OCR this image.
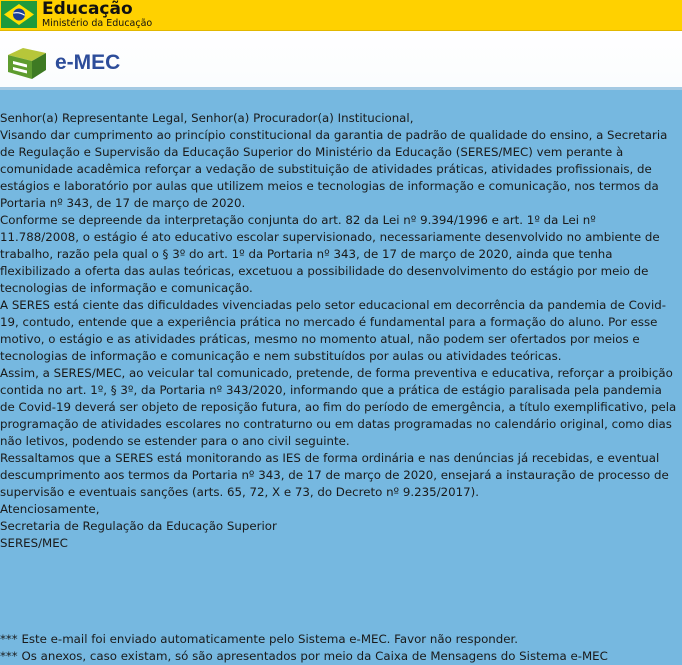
Educação
Ministério da Educação
e-MEC

Senhor(a) Representante Legal, Senhor(a) Procurador(a) Institucional,

Visando dar cumprimento ao princípio constitucional da garantia de padrão de qualidade do ensino, a Secretaria de Regulação e Supervisão da Educação Superior do Ministério da Educação (SERES/MEC) vem perante à comunidade acadêmica reforçar a vedação de substituição de atividades práticas, atividades profissionais, de estágios e laboratório por aulas que utilizem meios e tecnologias de informação e comunicação, nos termos da Portaria nº 343, de 17 de março de 2020.

Conforme se depreende da interpretação conjunta do art. 82 da Lei nº 9.394/1996 e art. 1º da Lei nº 11.788/2008, o estágio é ato educativo escolar supervisionado, necessariamente desenvolvido no ambiente de trabalho, razão pela qual o § 3º do art. 1º da Portaria nº 343, de 17 de março de 2020, ainda que tenha flexibilizado a oferta das aulas teóricas, excetuou a possibilidade do desenvolvimento do estágio por meio de tecnologias de informação e comunicação.

A SERES está ciente das dificuldades vivenciadas pelo setor educacional em decorrência da pandemia de Covid-19, contudo, entende que a experiência prática no mercado é fundamental para a formação do aluno. Por esse motivo, o estágio e as atividades práticas, mesmo no momento atual, não podem ser ofertados por meios e tecnologias de informação e comunicação e nem substituídos por aulas ou atividades teóricas.

Assim, a SERES/MEC, ao veicular tal comunicado, pretende, de forma preventiva e educativa, reforçar a proibição contida no art. 1º, § 3º, da Portaria nº 343/2020, informando que a prática de estágio paralisada pela pandemia de Covid-19 deverá ser objeto de reposição futura, ao fim do período de emergência, a título exemplificativo, pela programação de atividades escolares no contraturno ou em datas programadas no calendário original, como dias não letivos, podendo se estender para o ano civil seguinte.

Ressaltamos que a SERES está monitorando as IES de forma ordinária e nas denúncias já recebidas, e eventual descumprimento aos termos da Portaria nº 343, de 17 de março de 2020, ensejará a instauração de processo de supervisão e eventuais sanções (arts. 65, 72, X e 73, do Decreto nº 9.235/2017).

Atenciosamente,

Secretaria de Regulação da Educação Superior

SERES/MEC

*** Este e-mail foi enviado automaticamente pelo Sistema e-MEC. Favor não responder.

*** Os anexos, caso existam, só são apresentados por meio da Caixa de Mensagens do Sistema e-MEC
